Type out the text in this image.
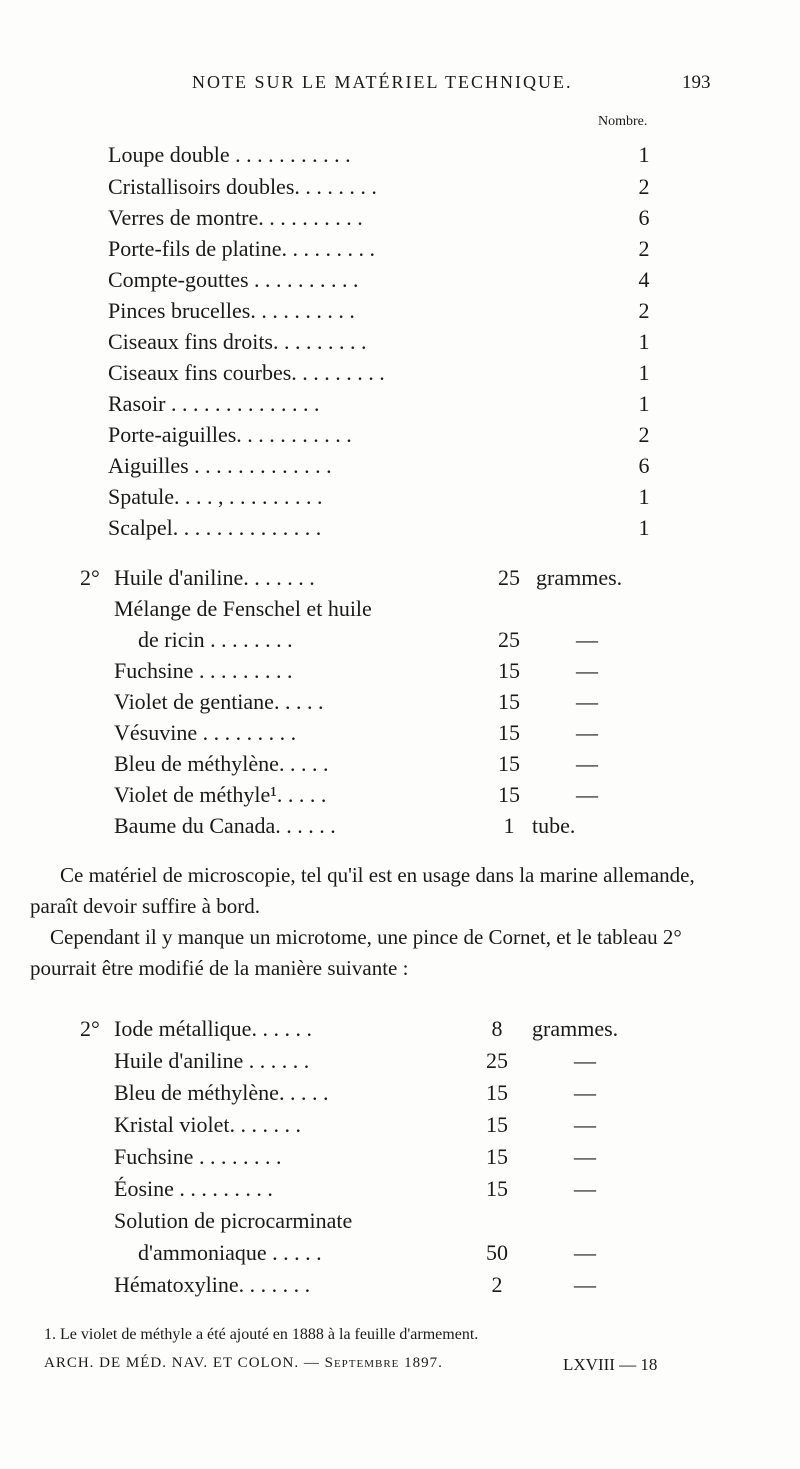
NOTE SUR LE MATÉRIEL TECHNIQUE.	193
Nombre.
Loupe double . . . . . . . . . . .	1
Cristallisoirs doubles. . . . . . . .	2
Verres de montre. . . . . . . . . .	6
Porte-fils de platine. . . . . . . . .	2
Compte-gouttes . . . . . . . . . .	4
Pinces brucelles. . . . . . . . . .	2
Ciseaux fins droits. . . . . . . . .	1
Ciseaux fins courbes. . . . . . . . .	1
Rasoir . . . . . . . . . . . . . .	1
Porte-aiguilles. . . . . . . . . . .	2
Aiguilles . . . . . . . . . . . . .	6
Spatule. . . . , . . . . . . . . .	1
Scalpel. . . . . . . . . . . . . .	1
2° Huile d'aniline. . . . . . .	25 grammes.
Mélange de Fenschel et huile
de ricin . . . . . . . .	25	—
Fuchsine . . . . . . . . .	15	—
Violet de gentiane. . . . .	15	—
Vésuvine . . . . . . . . .	15	—
Bleu de méthylène. . . . .	15	—
Violet de méthyle¹. . . . .	15	—
Baume du Canada. . . . . .	1 tube.

Ce matériel de microscopie, tel qu'il est en usage dans la marine allemande, paraît devoir suffire à bord.

Cependant il y manque un microtome, une pince de Cornet, et le tableau 2° pourrait être modifié de la manière suivante :

2° Iode métallique. . . . . .	8	grammes.
Huile d'aniline . . . . . .	25	—
Bleu de méthylène. . . . .	15	—
Kristal violet. . . . . . .	15	—
Fuchsine . . . . . . . .	15	—
Éosine . . . . . . . . .	15	—
Solution de picrocarminate
d'ammoniaque . . . . .	50	—
Hématoxyline. . . . . . .	2	—
1. Le violet de méthyle a été ajouté en 1888 à la feuille d'armement.
ARCH. DE MÉD. NAV. ET COLON. — Septembre 1897.	LXVIII — 18
